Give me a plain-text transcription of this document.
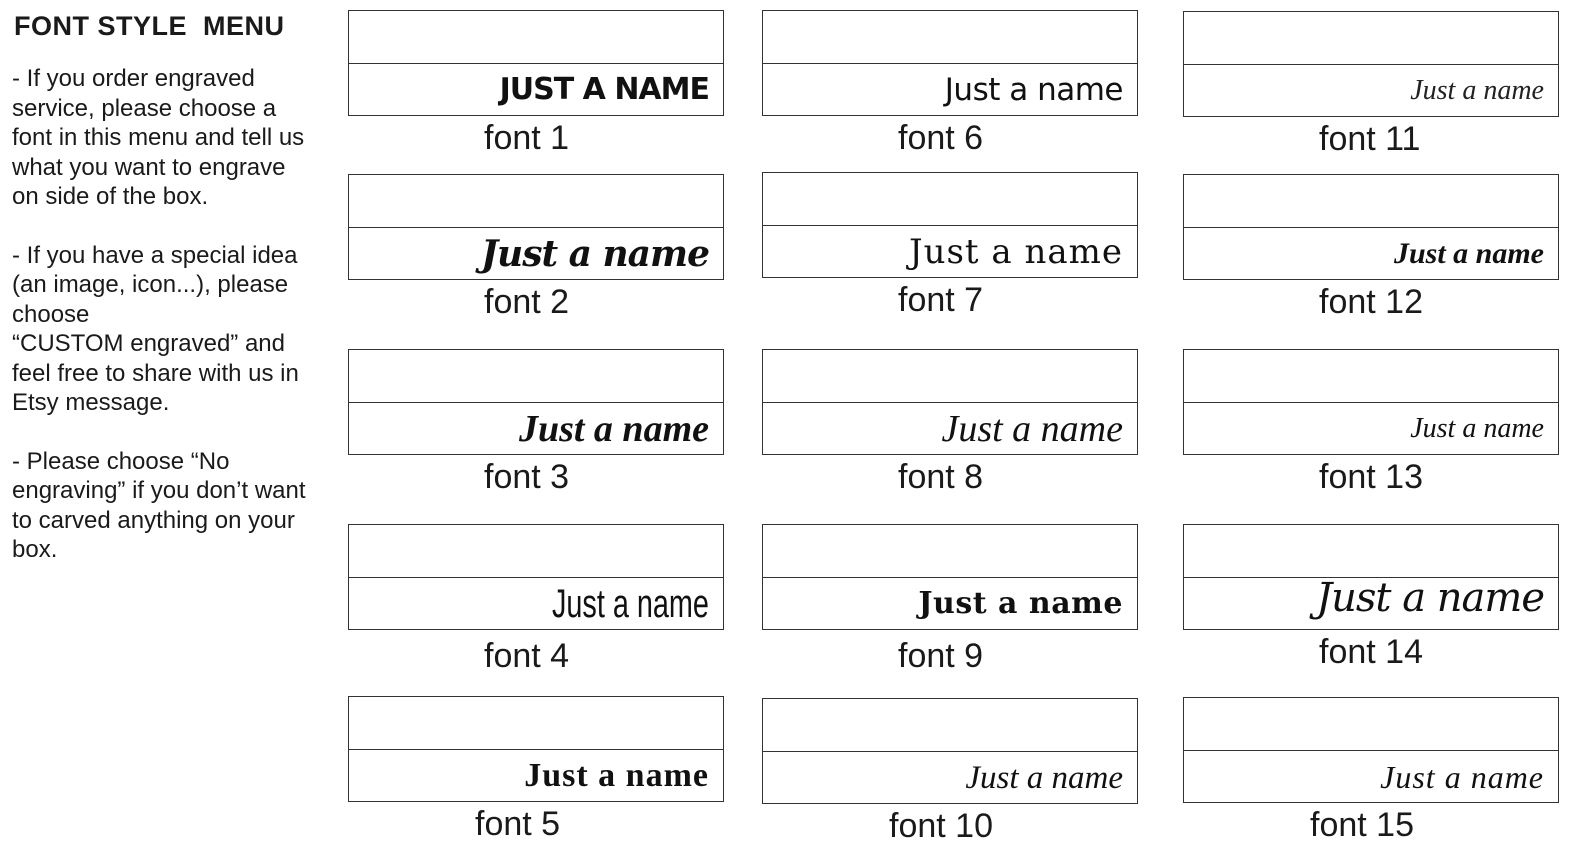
FONT STYLE  MENU
- If you order engraved
service, please choose a
font in this menu and tell us
what you want to engrave
on side of the box.
- If you have a special idea
(an image, icon...), please
choose
“CUSTOM engraved” and
feel free to share with us in
Etsy message.
- Please choose “No
engraving” if you don’t want
to carved anything on your
box.
JUST A NAME
font 1
Just a name
font 2
Just a name
font 3
Just a name
font 4
Just a name
font 5
Just a name
font 6
Just a name
font 7
Just a name
font 8
Just a name
font 9
Just a name
font 10
Just a name
font 11
Just a name
font 12
Just a name
font 13
Just a name
font 14
Just a name
font 15
